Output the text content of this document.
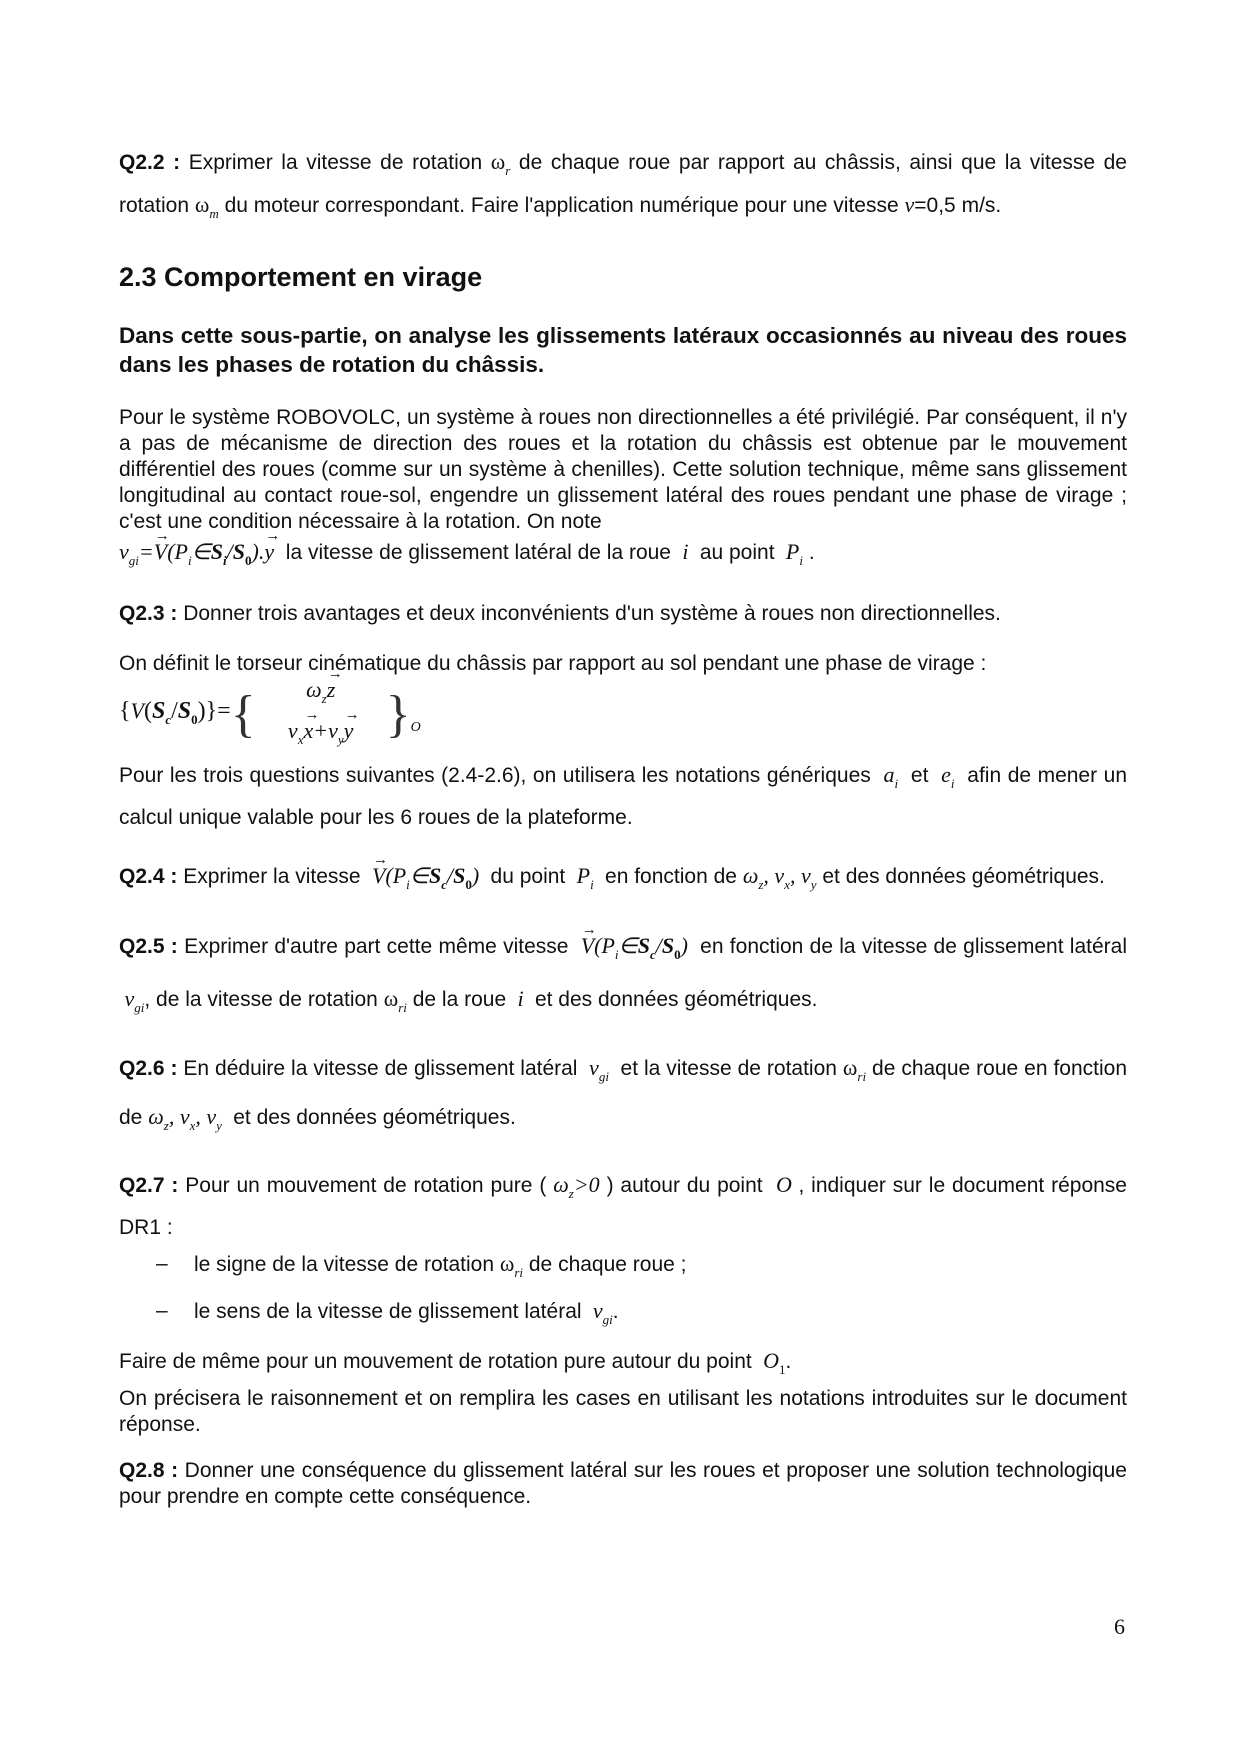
Q2.2 : Exprimer la vitesse de rotation $\omega_r$ de chaque roue par rapport au châssis, ainsi que la vitesse de rotation $\omega_m$ du moteur correspondant. Faire l'application numérique pour une vitesse v=0,5 m/s.

2.3 Comportement en virage

Dans cette sous-partie, on analyse les glissements latéraux occasionnés au niveau des roues dans les phases de rotation du châssis.

Pour le système ROBOVOLC, un système à roues non directionnelles a été privilégié. Par conséquent, il n'y a pas de mécanisme de direction des roues et la rotation du châssis est obtenue par le mouvement différentiel des roues (comme sur un système à chenilles). Cette solution technique, même sans glissement longitudinal au contact roue-sol, engendre un glissement latéral des roues pendant une phase de virage ; c'est une condition nécessaire à la rotation. On note

$v_{gi}=\to$ $V(P_i\in S_i/S_0).\to y$ la vitesse de glissement latéral de la roue  i  au point  $P_i$ .

Q2.3 : Donner trois avantages et deux inconvénients d'un système à roues non directionnelles.

On définit le torseur cinématique du châssis par rapport au sol pendant une phase de virage :

$\{V(S_c/S_0)\}=$ {	$\omega_z\to z$
$v_x\to x+v_y\to y$ } O

Pour les trois questions suivantes (2.4-2.6), on utilisera les notations génériques  $a_i$ et  $e_i$ afin de mener un calcul unique valable pour les 6 roues de la plateforme.

Q2.4 : Exprimer la vitesse → $V(P_i\in S_c/S_0)$  du point  $P_i$ en fonction de $\omega_z$, $v_x$, $v_y$ et des données géométriques.

Q2.5 : Exprimer d'autre part cette même vitesse → $V(P_i\in S_c/S_0)$  en fonction de la vitesse de glissement latéral  $v_{gi}$, de la vitesse de rotation $\omega_{ri}$ de la roue  i  et des données géométriques.

Q2.6 : En déduire la vitesse de glissement latéral  $v_{gi}$ et la vitesse de rotation $\omega_{ri}$ de chaque roue en fonction de $\omega_z$, $v_x$, $v_y$ et des données géométriques.

Q2.7 : Pour un mouvement de rotation pure ( $\omega_z>0$ ) autour du point  O , indiquer sur le document réponse DR1 :

– le signe de la vitesse de rotation $\omega_{ri}$ de chaque roue ;
– le sens de la vitesse de glissement latéral  $v_{gi}$.

Faire de même pour un mouvement de rotation pure autour du point  $O_1$.

On précisera le raisonnement et on remplira les cases en utilisant les notations introduites sur le document réponse.

Q2.8 : Donner une conséquence du glissement latéral sur les roues et proposer une solution technologique pour prendre en compte cette conséquence.

6
